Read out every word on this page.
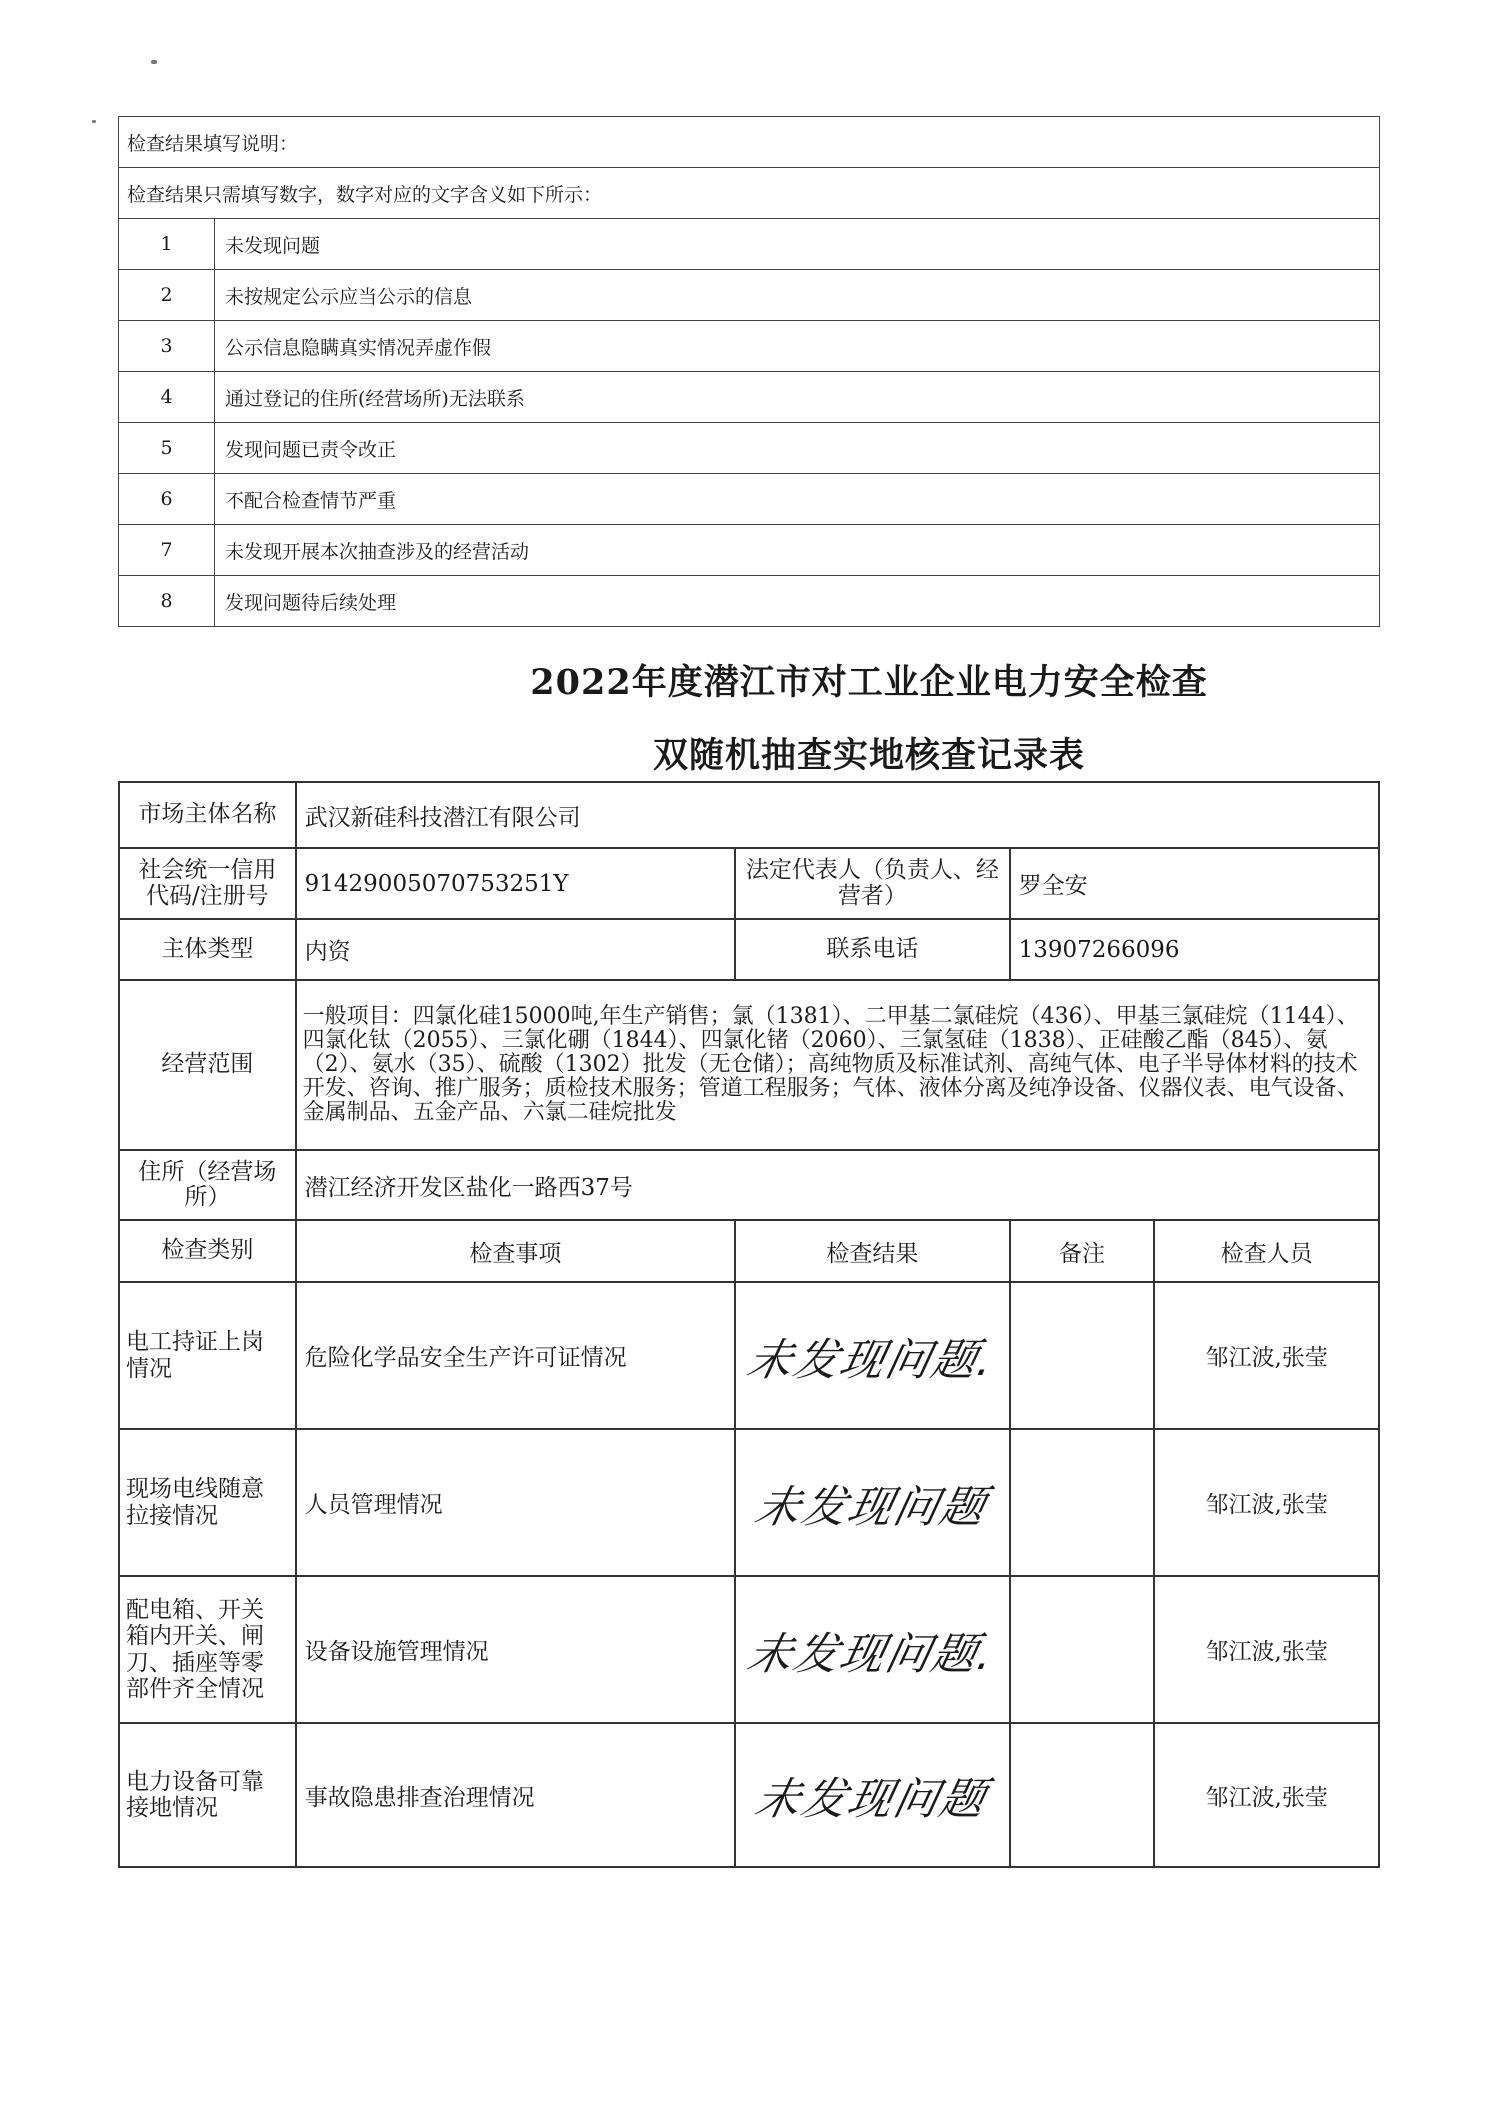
检查结果填写说明：	
检查结果只需填写数字，数字对应的文字含义如下所示：	
1	未发现问题
2	未按规定公示应当公示的信息
3	公示信息隐瞒真实情况弄虚作假
4	通过登记的住所(经营场所)无法联系
5	发现问题已责令改正
6	不配合检查情节严重
7	未发现开展本次抽查涉及的经营活动
8	发现问题待后续处理
2022年度潜江市对工业企业电力安全检查
双随机抽查实地核查记录表
市场主体名称	武汉新硅科技潜江有限公司			
社会统一信用代码/注册号	91429005070753251Y	法定代表人（负责人、经营者）	罗全安	
主体类型	内资	联系电话	13907266096	
经营范围	一般项目：四氯化硅15000吨,年生产销售；氯（1381）、二甲基二氯硅烷（436）、甲基三氯硅烷（1144）、四氯化钛（2055）、三氯化硼（1844）、四氯化锗（2060）、三氯氢硅（1838）、正硅酸乙酯（845）、氨（2）、氨水（35）、硫酸（1302）批发（无仓储）；高纯物质及标准试剂、高纯气体、电子半导体材料的技术开发、咨询、推广服务；质检技术服务；管道工程服务；气体、液体分离及纯净设备、仪器仪表、电气设备、金属制品、五金产品、六氯二硅烷批发			
住所（经营场所）	潜江经济开发区盐化一路西37号			
检查类别	检查事项	检查结果	备注	检查人员
电工持证上岗情况	危险化学品安全生产许可证情况	未发现问题.		邹江波,张莹
现场电线随意拉接情况	人员管理情况	未发现问题		邹江波,张莹
配电箱、开关箱内开关、闸刀、插座等零部件齐全情况	设备设施管理情况	未发现问题.		邹江波,张莹
电力设备可靠接地情况	事故隐患排查治理情况	未发现问题		邹江波,张莹
